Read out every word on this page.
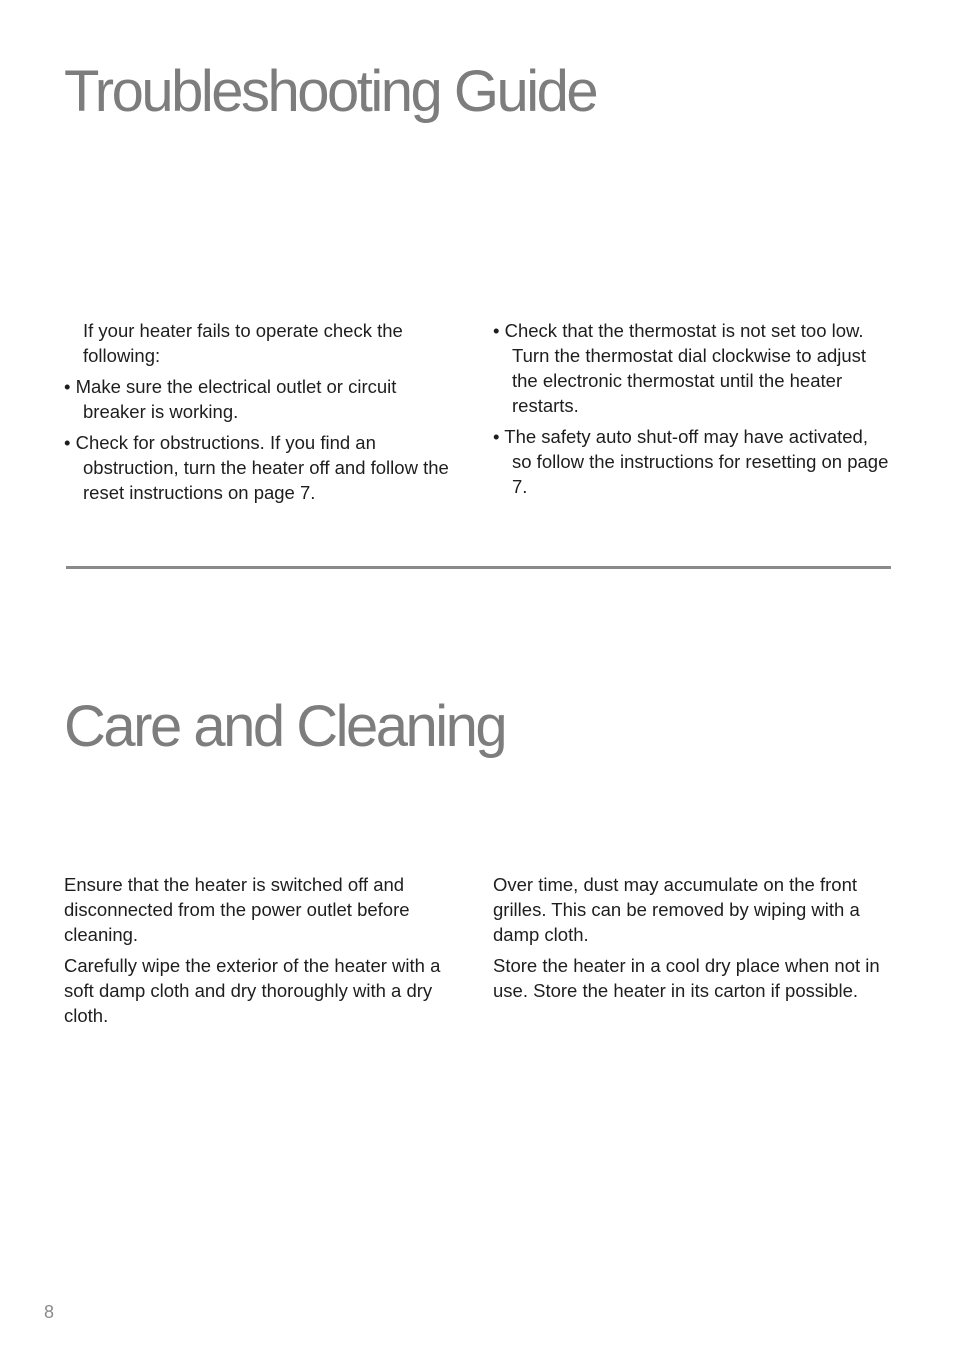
Troubleshooting Guide

If your heater fails to operate check the following:

• Make sure the electrical outlet or circuit breaker is working.

• Check for obstructions. If you find an obstruction, turn the heater off and follow the reset instructions on page 7.

• Check that the thermostat is not set too low. Turn the thermostat dial clockwise to adjust the electronic thermostat until the heater restarts.

• The safety auto shut-off may have activated, so follow the instructions for resetting on page 7.

Care and Cleaning

Ensure that the heater is switched off and disconnected from the power outlet before cleaning.

Carefully wipe the exterior of the heater with a soft damp cloth and dry thoroughly with a dry cloth.

Over time, dust may accumulate on the front grilles. This can be removed by wiping with a damp cloth.

Store the heater in a cool dry place when not in use. Store the heater in its carton if possible.

8
